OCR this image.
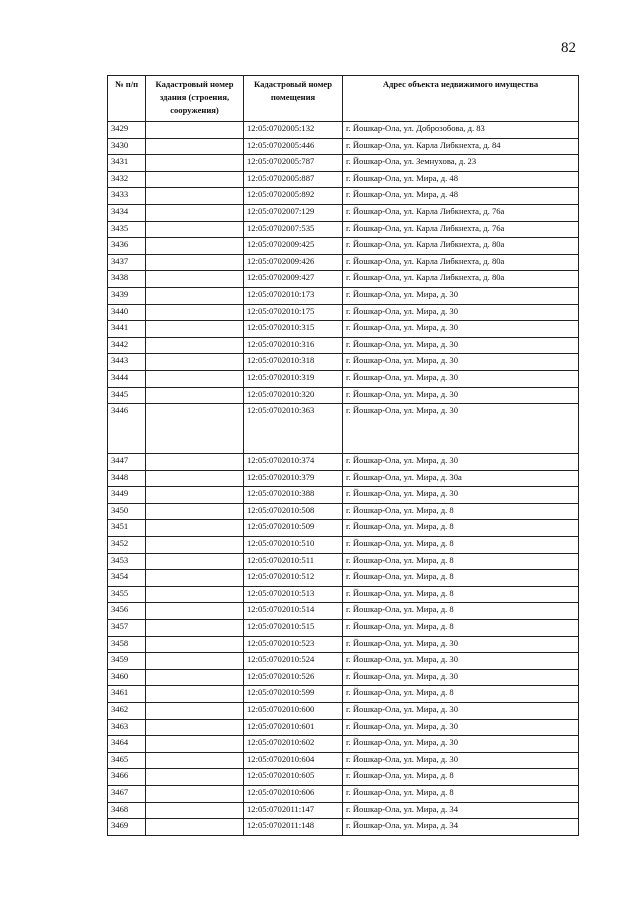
82
№ п/п	Кадастровый номер здания (строения, сооружения)	Кадастровый номер помещения	Адрес объекта недвижимого имущества
3429		12:05:0702005:132	г. Йошкар-Ола, ул. Доброзобова, д. 83
3430		12:05:0702005:446	г. Йошкар-Ола, ул. Карла Либкнехта, д. 84
3431		12:05:0702005:787	г. Йошкар-Ола, ул. Земнухова, д. 23
3432		12:05:0702005:887	г. Йошкар-Ола, ул. Мира, д. 48
3433		12:05:0702005:892	г. Йошкар-Ола, ул. Мира, д. 48
3434		12:05:0702007:129	г. Йошкар-Ола, ул. Карла Либкнехта, д. 76а
3435		12:05:0702007:535	г. Йошкар-Ола, ул. Карла Либкнехта, д. 76а
3436		12:05:0702009:425	г. Йошкар-Ола, ул. Карла Либкнехта, д. 80а
3437		12:05:0702009:426	г. Йошкар-Ола, ул. Карла Либкнехта, д. 80а
3438		12:05:0702009:427	г. Йошкар-Ола, ул. Карла Либкнехта, д. 80а
3439		12:05:0702010:173	г. Йошкар-Ола, ул. Мира, д. 30
3440		12:05:0702010:175	г. Йошкар-Ола, ул. Мира, д. 30
3441		12:05:0702010:315	г. Йошкар-Ола, ул. Мира, д. 30
3442		12:05:0702010:316	г. Йошкар-Ола, ул. Мира, д. 30
3443		12:05:0702010:318	г. Йошкар-Ола, ул. Мира, д. 30
3444		12:05:0702010:319	г. Йошкар-Ола, ул. Мира, д. 30
3445		12:05:0702010:320	г. Йошкар-Ола, ул. Мира, д. 30
3446		12:05:0702010:363	г. Йошкар-Ола, ул. Мира, д. 30
3447		12:05:0702010:374	г. Йошкар-Ола, ул. Мира, д. 30
3448		12:05:0702010:379	г. Йошкар-Ола, ул. Мира, д. 30а
3449		12:05:0702010:388	г. Йошкар-Ола, ул. Мира, д. 30
3450		12:05:0702010:508	г. Йошкар-Ола, ул. Мира, д. 8
3451		12:05:0702010:509	г. Йошкар-Ола, ул. Мира, д. 8
3452		12:05:0702010:510	г. Йошкар-Ола, ул. Мира, д. 8
3453		12:05:0702010:511	г. Йошкар-Ола, ул. Мира, д. 8
3454		12:05:0702010:512	г. Йошкар-Ола, ул. Мира, д. 8
3455		12:05:0702010:513	г. Йошкар-Ола, ул. Мира, д. 8
3456		12:05:0702010:514	г. Йошкар-Ола, ул. Мира, д. 8
3457		12:05:0702010:515	г. Йошкар-Ола, ул. Мира, д. 8
3458		12:05:0702010:523	г. Йошкар-Ола, ул. Мира, д. 30
3459		12:05:0702010:524	г. Йошкар-Ола, ул. Мира, д. 30
3460		12:05:0702010:526	г. Йошкар-Ола, ул. Мира, д. 30
3461		12:05:0702010:599	г. Йошкар-Ола, ул. Мира, д. 8
3462		12:05:0702010:600	г. Йошкар-Ола, ул. Мира, д. 30
3463		12:05:0702010:601	г. Йошкар-Ола, ул. Мира, д. 30
3464		12:05:0702010:602	г. Йошкар-Ола, ул. Мира, д. 30
3465		12:05:0702010:604	г. Йошкар-Ола, ул. Мира, д. 30
3466		12:05:0702010:605	г. Йошкар-Ола, ул. Мира, д. 8
3467		12:05:0702010:606	г. Йошкар-Ола, ул. Мира, д. 8
3468		12:05:0702011:147	г. Йошкар-Ола, ул. Мира, д. 34
3469		12:05:0702011:148	г. Йошкар-Ола, ул. Мира, д. 34
